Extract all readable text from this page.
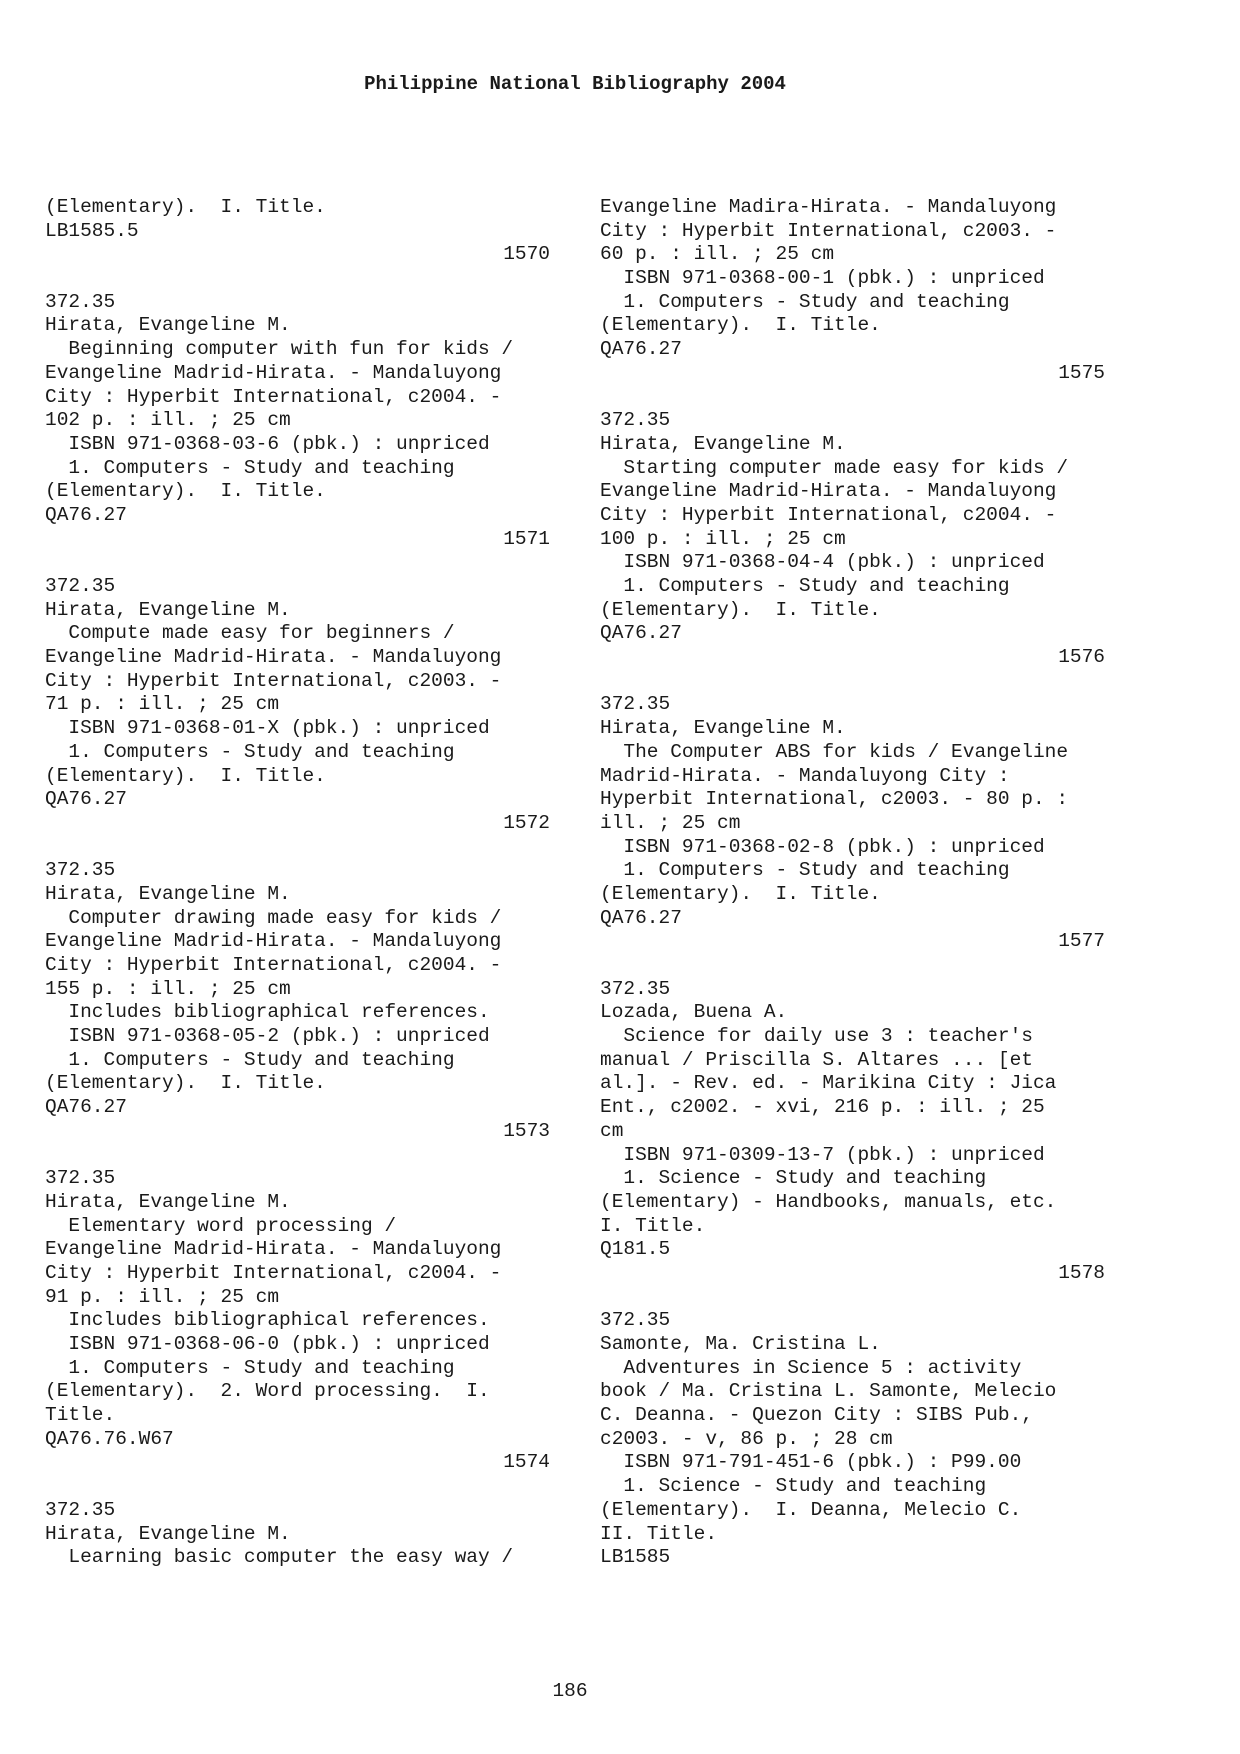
Philippine National Bibliography 2004
(Elementary).  I. Title.
LB1585.5
1570
372.35
Hirata, Evangeline M.
Beginning computer with fun for kids /
Evangeline Madrid-Hirata. - Mandaluyong
City : Hyperbit International, c2004. -
102 p. : ill. ; 25 cm
ISBN 971-0368-03-6 (pbk.) : unpriced
1. Computers - Study and teaching
(Elementary).  I. Title.
QA76.27
1571
372.35
Hirata, Evangeline M.
Compute made easy for beginners /
Evangeline Madrid-Hirata. - Mandaluyong
City : Hyperbit International, c2003. -
71 p. : ill. ; 25 cm
ISBN 971-0368-01-X (pbk.) : unpriced
1. Computers - Study and teaching
(Elementary).  I. Title.
QA76.27
1572
372.35
Hirata, Evangeline M.
Computer drawing made easy for kids /
Evangeline Madrid-Hirata. - Mandaluyong
City : Hyperbit International, c2004. -
155 p. : ill. ; 25 cm
Includes bibliographical references.
ISBN 971-0368-05-2 (pbk.) : unpriced
1. Computers - Study and teaching
(Elementary).  I. Title.
QA76.27
1573
372.35
Hirata, Evangeline M.
Elementary word processing /
Evangeline Madrid-Hirata. - Mandaluyong
City : Hyperbit International, c2004. -
91 p. : ill. ; 25 cm
Includes bibliographical references.
ISBN 971-0368-06-0 (pbk.) : unpriced
1. Computers - Study and teaching
(Elementary).  2. Word processing.  I.
Title.
QA76.76.W67
1574
372.35
Hirata, Evangeline M.
Learning basic computer the easy way /
Evangeline Madira-Hirata. - Mandaluyong
City : Hyperbit International, c2003. -
60 p. : ill. ; 25 cm
ISBN 971-0368-00-1 (pbk.) : unpriced
1. Computers - Study and teaching
(Elementary).  I. Title.
QA76.27
1575
372.35
Hirata, Evangeline M.
Starting computer made easy for kids /
Evangeline Madrid-Hirata. - Mandaluyong
City : Hyperbit International, c2004. -
100 p. : ill. ; 25 cm
ISBN 971-0368-04-4 (pbk.) : unpriced
1. Computers - Study and teaching
(Elementary).  I. Title.
QA76.27
1576
372.35
Hirata, Evangeline M.
The Computer ABS for kids / Evangeline
Madrid-Hirata. - Mandaluyong City :
Hyperbit International, c2003. - 80 p. :
ill. ; 25 cm
ISBN 971-0368-02-8 (pbk.) : unpriced
1. Computers - Study and teaching
(Elementary).  I. Title.
QA76.27
1577
372.35
Lozada, Buena A.
Science for daily use 3 : teacher's
manual / Priscilla S. Altares ... [et
al.]. - Rev. ed. - Marikina City : Jica
Ent., c2002. - xvi, 216 p. : ill. ; 25
cm
ISBN 971-0309-13-7 (pbk.) : unpriced
1. Science - Study and teaching
(Elementary) - Handbooks, manuals, etc.
I. Title.
Q181.5
1578
372.35
Samonte, Ma. Cristina L.
Adventures in Science 5 : activity
book / Ma. Cristina L. Samonte, Melecio
C. Deanna. - Quezon City : SIBS Pub.,
c2003. - v, 86 p. ; 28 cm
ISBN 971-791-451-6 (pbk.) : P99.00
1. Science - Study and teaching
(Elementary).  I. Deanna, Melecio C.
II. Title.
LB1585
186
